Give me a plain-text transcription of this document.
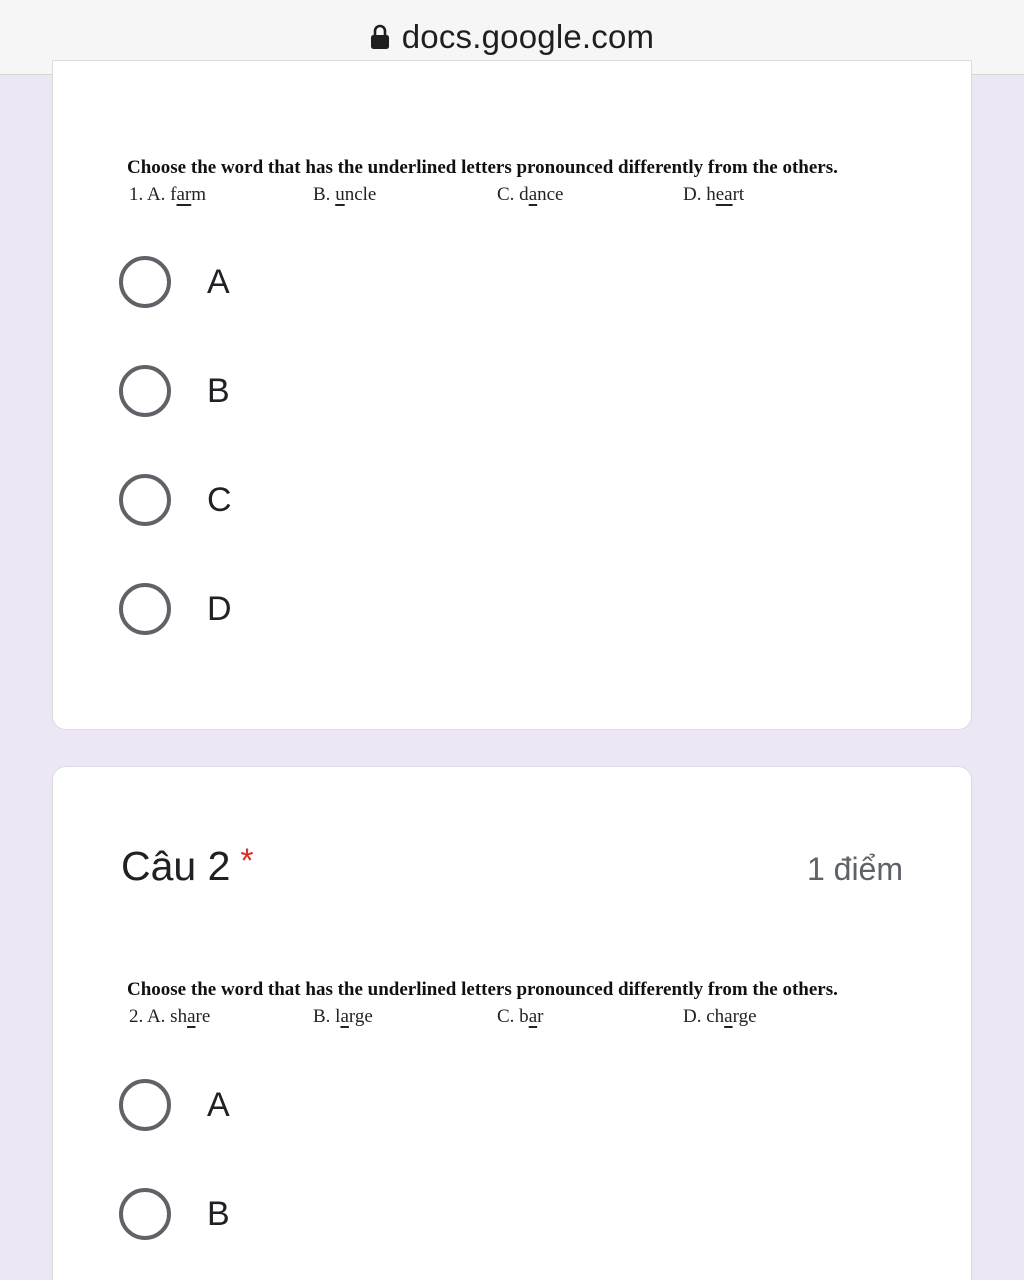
docs.google.com
Choose the word that has the underlined letters pronounced differently from the others.
1. A. farm	B. uncle	C. dance	D. heart
A
B
C
D
Câu 2 *	1 điểm
Choose the word that has the underlined letters pronounced differently from the others.
2. A. share	B. large	C. bar	D. charge
A
B
